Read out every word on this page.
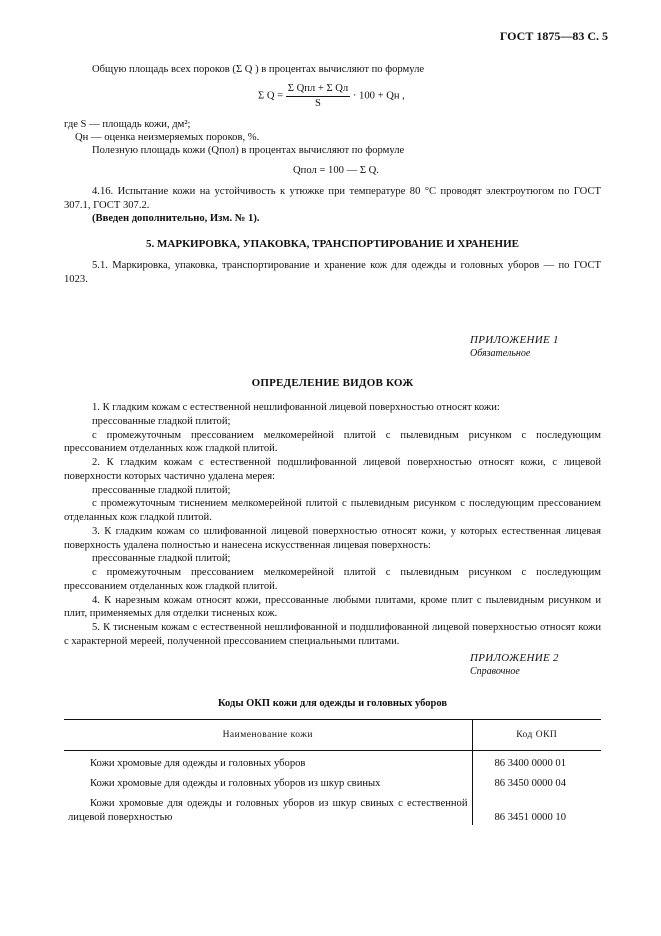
ГОСТ 1875—83 С. 5

Общую площадь всех пороков (Σ Q ) в процентах вычисляют по формуле

Σ $Q = \frac{\text{Σ Qпл + Σ Qл}}{S} \cdot 100$ + Qн ,

где S — площадь кожи, дм²;

Qн — оценка неизмеряемых пороков, %.

Полезную площадь кожи (Qпол) в процентах вычисляют по формуле

Qпол = 100 — Σ Q.

4.16. Испытание кожи на устойчивость к утюжке при температуре 80 °С проводят электроутюгом по ГОСТ 307.1, ГОСТ 307.2.

(Введен дополнительно, Изм. № 1).

5. МАРКИРОВКА, УПАКОВКА, ТРАНСПОРТИРОВАНИЕ И ХРАНЕНИЕ

5.1. Маркировка, упаковка, транспортирование и хранение кож для одежды и головных уборов — по ГОСТ 1023.

ПРИЛОЖЕНИЕ 1
Обязательное
ОПРЕДЕЛЕНИЕ ВИДОВ КОЖ

1. К гладким кожам с естественной нешлифованной лицевой поверхностью относят кожи:

прессованные гладкой плитой;

с промежуточным прессованием мелкомерейной плитой с пылевидным рисунком с последующим прессованием отделанных кож гладкой плитой.

2. К гладким кожам с естественной подшлифованной лицевой поверхностью относят кожи, с лицевой поверхности которых частично удалена мерея:

прессованные гладкой плитой;

с промежуточным тиснением мелкомерейной плитой с пылевидным рисунком с последующим прессованием отделанных кож гладкой плитой.

3. К гладким кожам со шлифованной лицевой поверхностью относят кожи, у которых естественная лицевая поверхность удалена полностью и нанесена искусственная лицевая поверхность:

прессованные гладкой плитой;

с промежуточным прессованием мелкомерейной плитой с пылевидным рисунком с последующим прессованием отделанных кож гладкой плитой.

4. К нарезным кожам относят кожи, прессованные любыми плитами, кроме плит с пылевидным рисунком и плит, применяемых для отделки тисненых кож.

5. К тисненым кожам с естественной нешлифованной и подшлифованной лицевой поверхностью относят кожи с характерной мереей, полученной прессованием специальными плитами.

ПРИЛОЖЕНИЕ 2
Справочное
Коды ОКП кожи для одежды и головных уборов
Наименование кожи	Код ОКП
Кожи хромовые для одежды и головных уборов	86 3400 0000 01
Кожи хромовые для одежды и головных уборов из шкур свиных	86 3450 0000 04
Кожи хромовые для одежды и головных уборов из шкур свиных с естественной лицевой поверхностью	86 3451 0000 10
